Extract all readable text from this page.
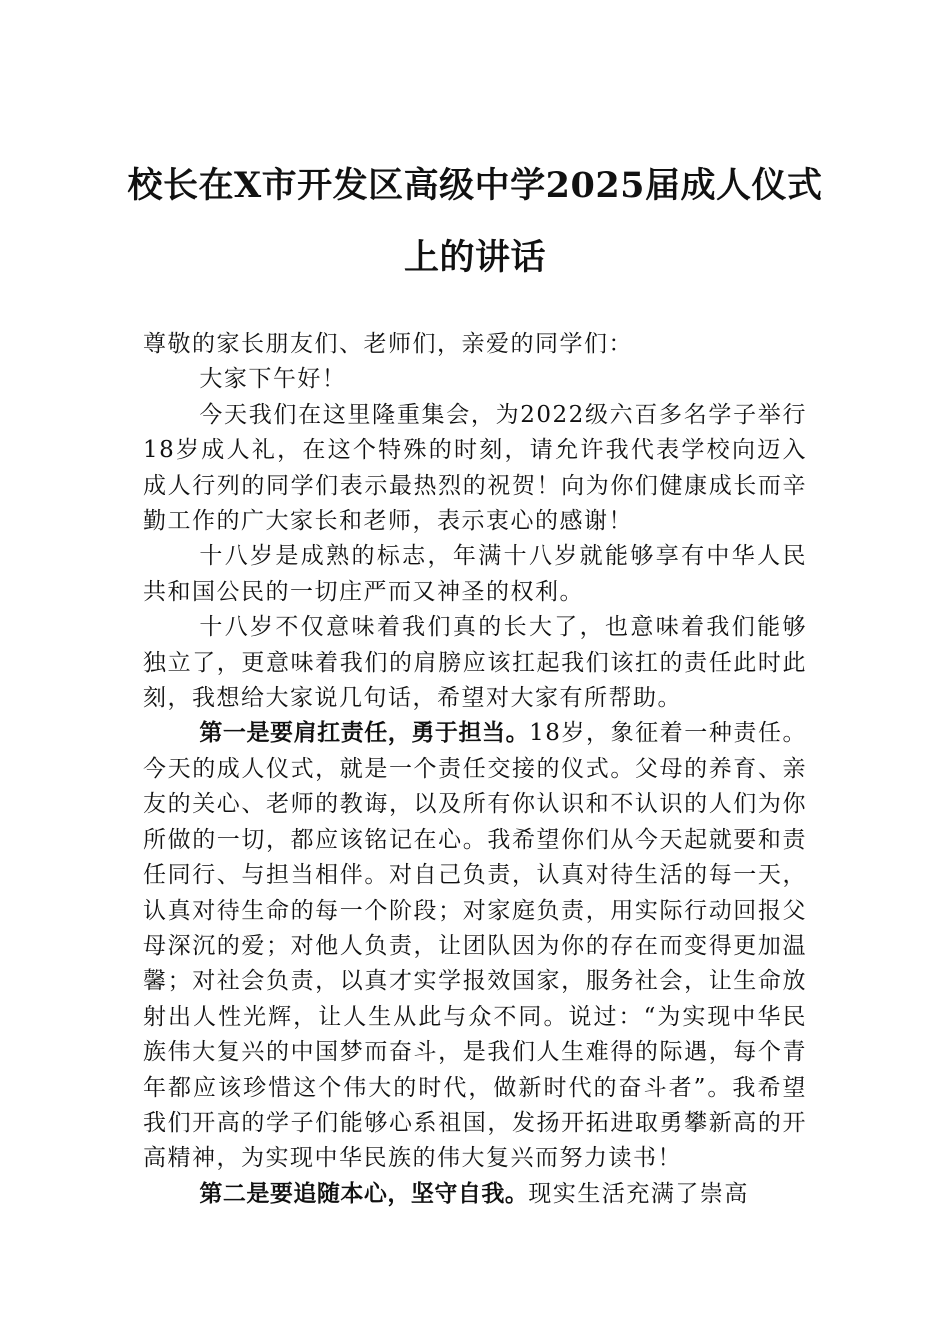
校长在X市开发区高级中学2025届成人仪式上的讲话

尊敬的家长朋友们、老师们，亲爱的同学们：

大家下午好！

今天我们在这里隆重集会，为2022级六百多名学子举行18岁成人礼，在这个特殊的时刻，请允许我代表学校向迈入成人行列的同学们表示最热烈的祝贺！向为你们健康成长而辛勤工作的广大家长和老师，表示衷心的感谢！

十八岁是成熟的标志，年满十八岁就能够享有中华人民共和国公民的一切庄严而又神圣的权利。

十八岁不仅意味着我们真的长大了，也意味着我们能够独立了，更意味着我们的肩膀应该扛起我们该扛的责任此时此刻，我想给大家说几句话，希望对大家有所帮助。

第一是要肩扛责任，勇于担当。18岁，象征着一种责任。今天的成人仪式，就是一个责任交接的仪式。父母的养育、亲友的关心、老师的教诲，以及所有你认识和不认识的人们为你所做的一切，都应该铭记在心。我希望你们从今天起就要和责任同行、与担当相伴。对自己负责，认真对待生活的每一天，认真对待生命的每一个阶段；对家庭负责，用实际行动回报父母深沉的爱；对他人负责，让团队因为你的存在而变得更加温馨；对社会负责，以真才实学报效国家，服务社会，让生命放射出人性光辉，让人生从此与众不同。说过：“为实现中华民族伟大复兴的中国梦而奋斗，是我们人生难得的际遇，每个青年都应该珍惜这个伟大的时代，做新时代的奋斗者”。我希望我们开高的学子们能够心系祖国，发扬开拓进取勇攀新高的开高精神，为实现中华民族的伟大复兴而努力读书！

第二是要追随本心，坚守自我。现实生活充满了崇高
